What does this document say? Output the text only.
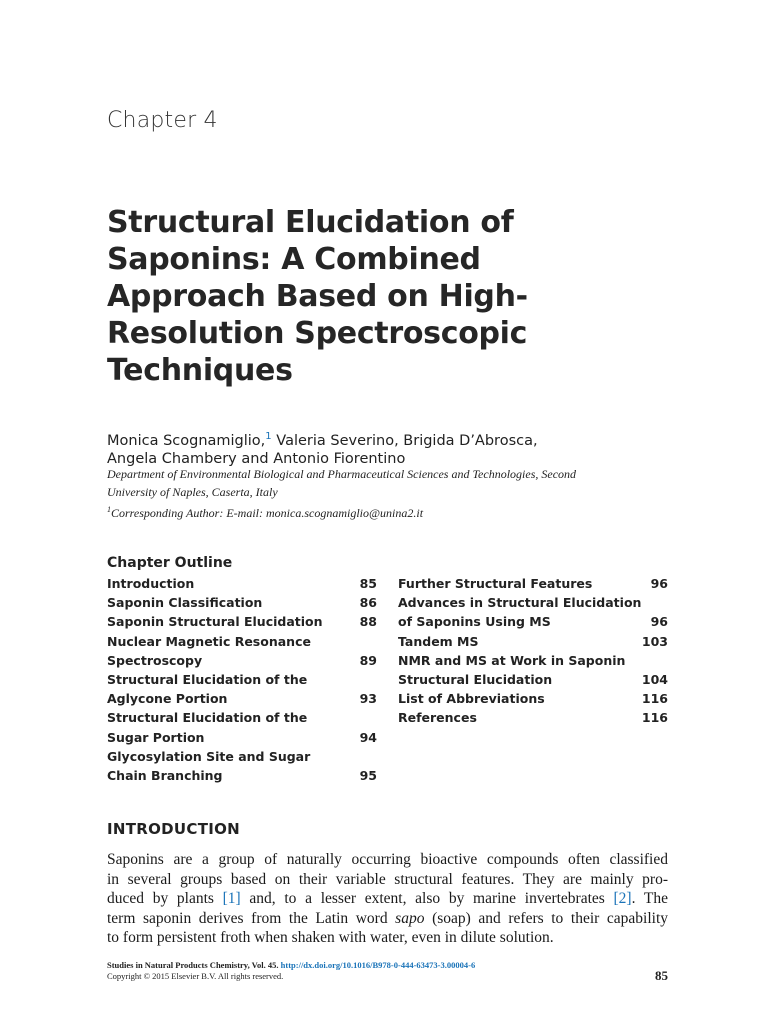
Chapter 4
Structural Elucidation of
Saponins: A Combined
Approach Based on High-
Resolution Spectroscopic
Techniques
Monica Scognamiglio,$^1$ Valeria Severino, Brigida D’Abrosca,
Angela Chambery and Antonio Fiorentino
Department of Environmental Biological and Pharmaceutical Sciences and Technologies, Second
University of Naples, Caserta, Italy
$^1$Corresponding Author: E-mail: monica.scognamiglio@unina2.it
Chapter Outline
Introduction	85
Saponin Classification	86
Saponin Structural Elucidation	88
Nuclear Magnetic Resonance
Spectroscopy	89
Structural Elucidation of the
Aglycone Portion	93
Structural Elucidation of the
Sugar Portion	94
Glycosylation Site and Sugar
Chain Branching	95
Further Structural Features	96
Advances in Structural Elucidation
of Saponins Using MS	96
Tandem MS	103
NMR and MS at Work in Saponin
Structural Elucidation	104
List of Abbreviations	116
References	116
INTRODUCTION
Saponins are a group of naturally occurring bioactive compounds often classified
in several groups based on their variable structural features. They are mainly pro-
duced by plants [1] and, to a lesser extent, also by marine invertebrates [2]. The
term saponin derives from the Latin word sapo (soap) and refers to their capability
to form persistent froth when shaken with water, even in dilute solution.
Studies in Natural Products Chemistry, Vol. 45. http://dx.doi.org/10.1016/B978-0-444-63473-3.00004-6
Copyright © 2015 Elsevier B.V. All rights reserved.	85
